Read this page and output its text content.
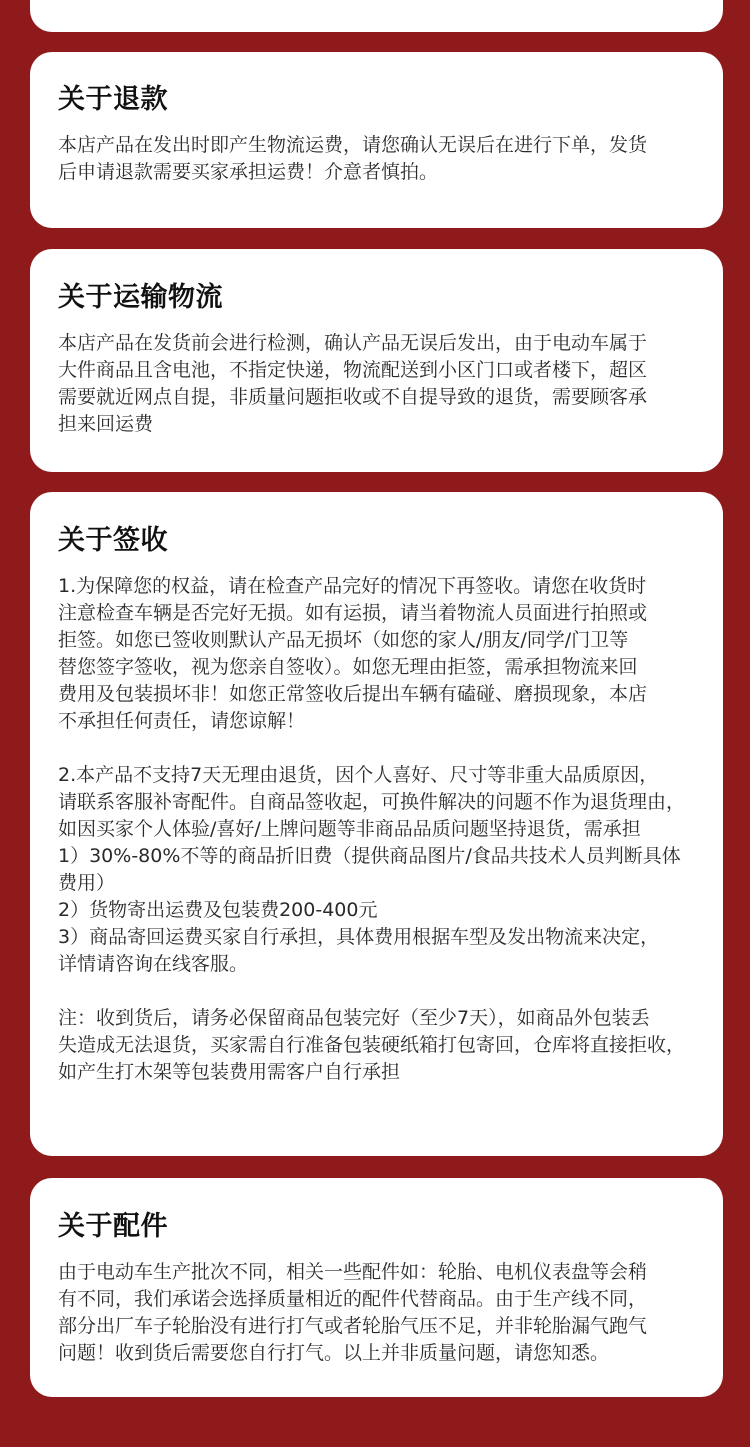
关于退款

本店产品在发出时即产生物流运费，请您确认无误后在进行下单，发货

后申请退款需要买家承担运费！介意者慎拍。

关于运输物流

本店产品在发货前会进行检测，确认产品无误后发出，由于电动车属于

大件商品且含电池，不指定快递，物流配送到小区门口或者楼下，超区

需要就近网点自提，非质量问题拒收或不自提导致的退货，需要顾客承

担来回运费

关于签收

1.为保障您的权益，请在检查产品完好的情况下再签收。请您在收货时

注意检查车辆是否完好无损。如有运损，请当着物流人员面进行拍照或

拒签。如您已签收则默认产品无损坏（如您的家人/朋友/同学/门卫等

替您签字签收，视为您亲自签收）。如您无理由拒签，需承担物流来回

费用及包装损坏非！如您正常签收后提出车辆有磕碰、磨损现象，本店

不承担任何责任，请您谅解！

2.本产品不支持7天无理由退货，因个人喜好、尺寸等非重大品质原因，

请联系客服补寄配件。自商品签收起，可换件解决的问题不作为退货理由，

如因买家个人体验/喜好/上牌问题等非商品品质问题坚持退货，需承担

1）30%-80%不等的商品折旧费（提供商品图片/食品共技术人员判断具体

费用）

2）货物寄出运费及包装费200-400元

3）商品寄回运费买家自行承担，具体费用根据车型及发出物流来决定，

详情请咨询在线客服。

注：收到货后，请务必保留商品包装完好（至少7天），如商品外包装丢

失造成无法退货，买家需自行准备包装硬纸箱打包寄回，仓库将直接拒收，

如产生打木架等包装费用需客户自行承担

关于配件

由于电动车生产批次不同，相关一些配件如：轮胎、电机仪表盘等会稍

有不同，我们承诺会选择质量相近的配件代替商品。由于生产线不同，

部分出厂车子轮胎没有进行打气或者轮胎气压不足，并非轮胎漏气跑气

问题！收到货后需要您自行打气。以上并非质量问题，请您知悉。
